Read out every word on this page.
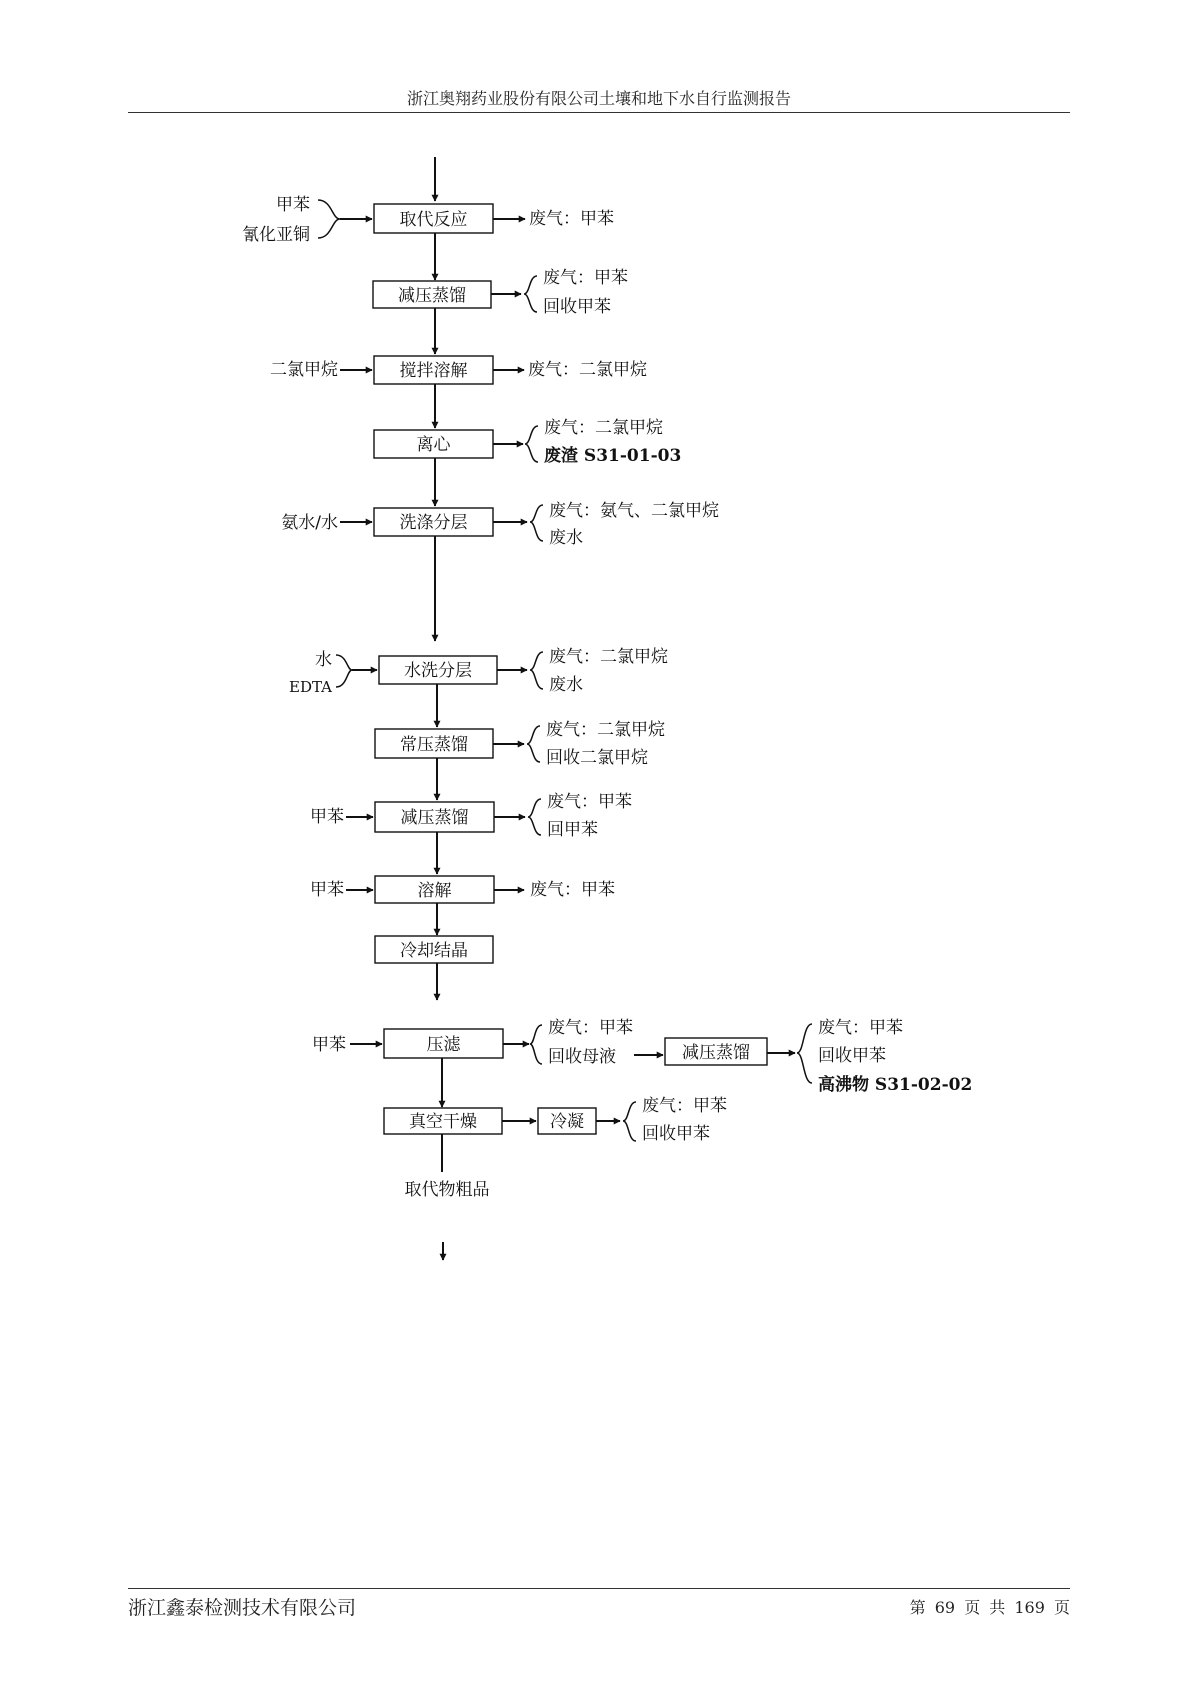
浙江奥翔药业股份有限公司土壤和地下水自行监测报告
取代反应
减压蒸馏
搅拌溶解
离心
洗涤分层
水洗分层
常压蒸馏
减压蒸馏
溶解
冷却结晶
压滤
真空干燥
减压蒸馏
冷凝
甲苯
氰化亚铜
二氯甲烷
氨水/水
水
EDTA
甲苯
甲苯
甲苯
废气：甲苯
废气：甲苯
回收甲苯
废气：二氯甲烷
废气：二氯甲烷
废渣 S31-01-03
废气：氨气、二氯甲烷
废水
废气：二氯甲烷
废水
废气：二氯甲烷
回收二氯甲烷
废气：甲苯
回甲苯
废气：甲苯
废气：甲苯
回收母液
废气：甲苯
回收甲苯
高沸物 S31-02-02
废气：甲苯
回收甲苯
取代物粗品
浙江鑫泰检测技术有限公司	第 69 页 共 169 页
